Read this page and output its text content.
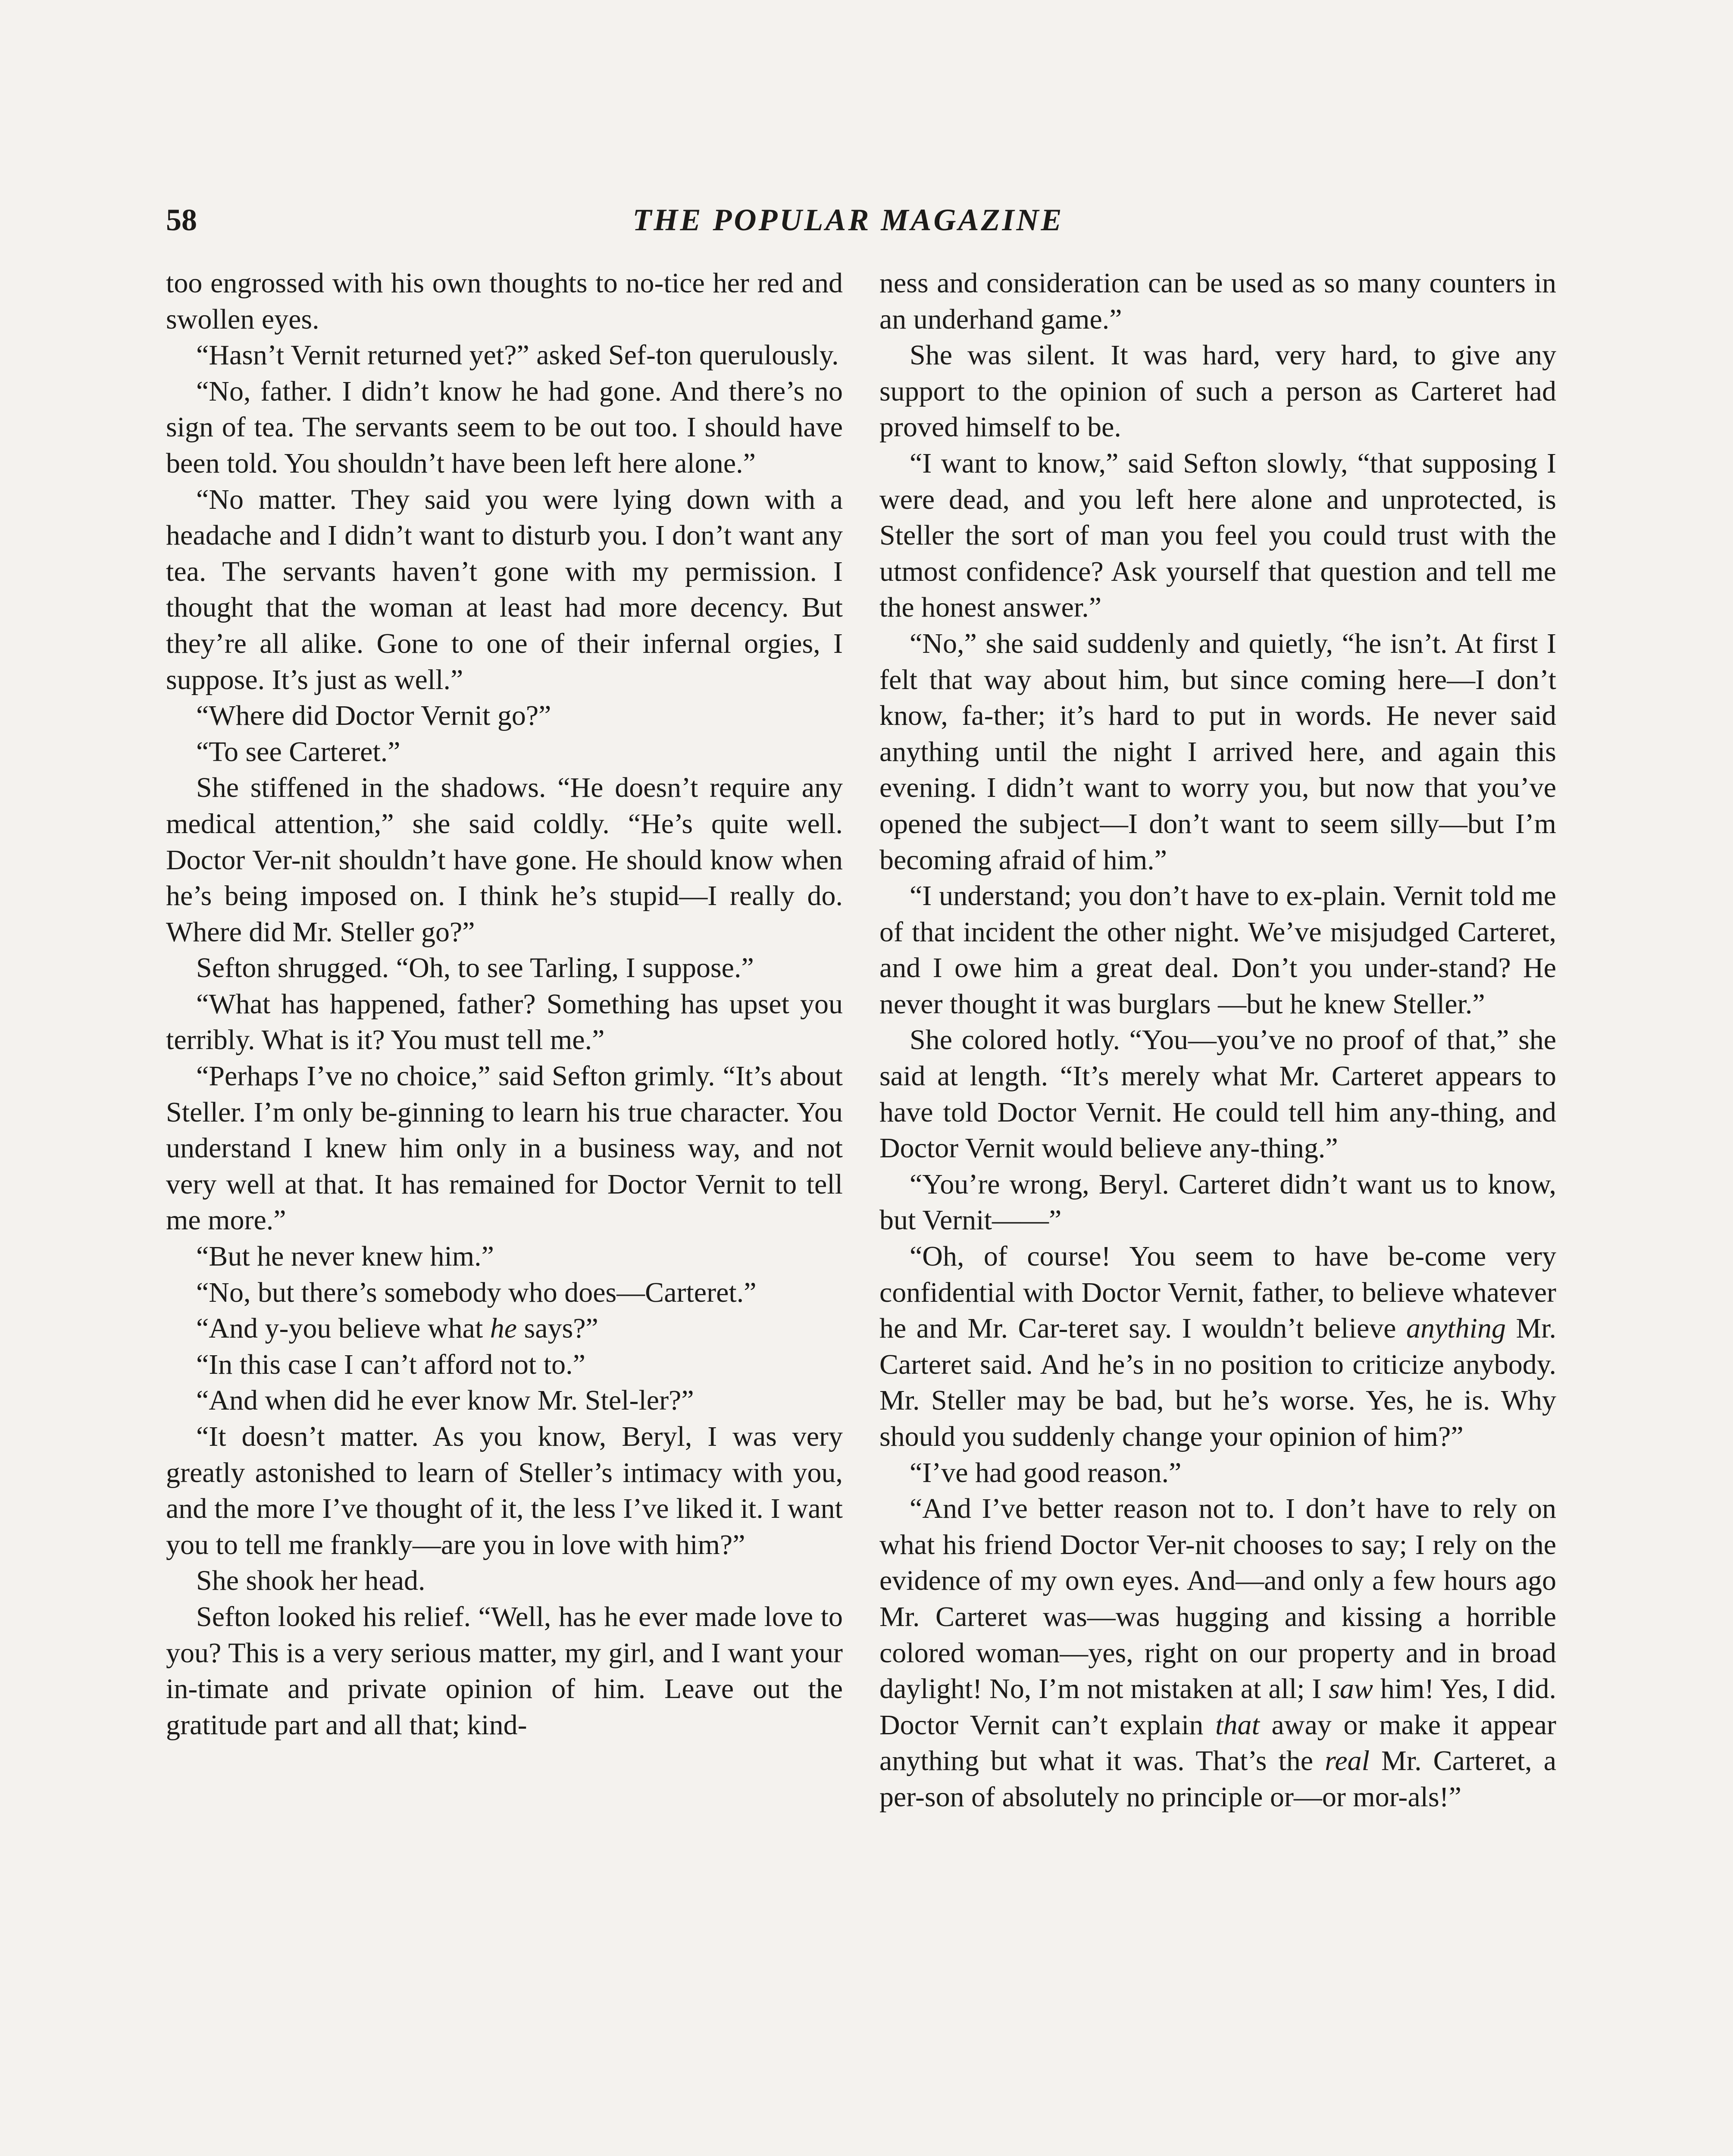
58	THE POPULAR MAGAZINE

too engrossed with his own thoughts to no-tice her red and swollen eyes.

“Hasn’t Vernit returned yet?” asked Sef-ton querulously.

“No, father. I didn’t know he had gone. And there’s no sign of tea. The servants seem to be out too. I should have been told. You shouldn’t have been left here alone.”

“No matter. They said you were lying down with a headache and I didn’t want to disturb you. I don’t want any tea. The servants haven’t gone with my permission. I thought that the woman at least had more decency. But they’re all alike. Gone to one of their infernal orgies, I suppose. It’s just as well.”

“Where did Doctor Vernit go?”

“To see Carteret.”

She stiffened in the shadows. “He doesn’t require any medical attention,” she said coldly. “He’s quite well. Doctor Ver-nit shouldn’t have gone. He should know when he’s being imposed on. I think he’s stupid—I really do. Where did Mr. Steller go?”

Sefton shrugged. “Oh, to see Tarling, I suppose.”

“What has happened, father? Something has upset you terribly. What is it? You must tell me.”

“Perhaps I’ve no choice,” said Sefton grimly. “It’s about Steller. I’m only be-ginning to learn his true character. You understand I knew him only in a business way, and not very well at that. It has remained for Doctor Vernit to tell me more.”

“But he never knew him.”

“No, but there’s somebody who does—Carteret.”

“And y-you believe what he says?”

“In this case I can’t afford not to.”

“And when did he ever know Mr. Stel-ler?”

“It doesn’t matter. As you know, Beryl, I was very greatly astonished to learn of Steller’s intimacy with you, and the more I’ve thought of it, the less I’ve liked it. I want you to tell me frankly—are you in love with him?”

She shook her head.

Sefton looked his relief. “Well, has he ever made love to you? This is a very serious matter, my girl, and I want your in-timate and private opinion of him. Leave out the gratitude part and all that; kind-

ness and consideration can be used as so many counters in an underhand game.”

She was silent. It was hard, very hard, to give any support to the opinion of such a person as Carteret had proved himself to be.

“I want to know,” said Sefton slowly, “that supposing I were dead, and you left here alone and unprotected, is Steller the sort of man you feel you could trust with the utmost confidence? Ask yourself that question and tell me the honest answer.”

“No,” she said suddenly and quietly, “he isn’t. At first I felt that way about him, but since coming here—I don’t know, fa-ther; it’s hard to put in words. He never said anything until the night I arrived here, and again this evening. I didn’t want to worry you, but now that you’ve opened the subject—I don’t want to seem silly—but I’m becoming afraid of him.”

“I understand; you don’t have to ex-plain. Vernit told me of that incident the other night. We’ve misjudged Carteret, and I owe him a great deal. Don’t you under-stand? He never thought it was burglars —but he knew Steller.”

She colored hotly. “You—you’ve no proof of that,” she said at length. “It’s merely what Mr. Carteret appears to have told Doctor Vernit. He could tell him any-thing, and Doctor Vernit would believe any-thing.”

“You’re wrong, Beryl. Carteret didn’t want us to know, but Vernit——”

“Oh, of course! You seem to have be-come very confidential with Doctor Vernit, father, to believe whatever he and Mr. Car-teret say. I wouldn’t believe anything Mr. Carteret said. And he’s in no position to criticize anybody. Mr. Steller may be bad, but he’s worse. Yes, he is. Why should you suddenly change your opinion of him?”

“I’ve had good reason.”

“And I’ve better reason not to. I don’t have to rely on what his friend Doctor Ver-nit chooses to say; I rely on the evidence of my own eyes. And—and only a few hours ago Mr. Carteret was—was hugging and kissing a horrible colored woman—yes, right on our property and in broad daylight! No, I’m not mistaken at all; I saw him! Yes, I did. Doctor Vernit can’t explain that away or make it appear anything but what it was. That’s the real Mr. Carteret, a per-son of absolutely no principle or—or mor-als!”
